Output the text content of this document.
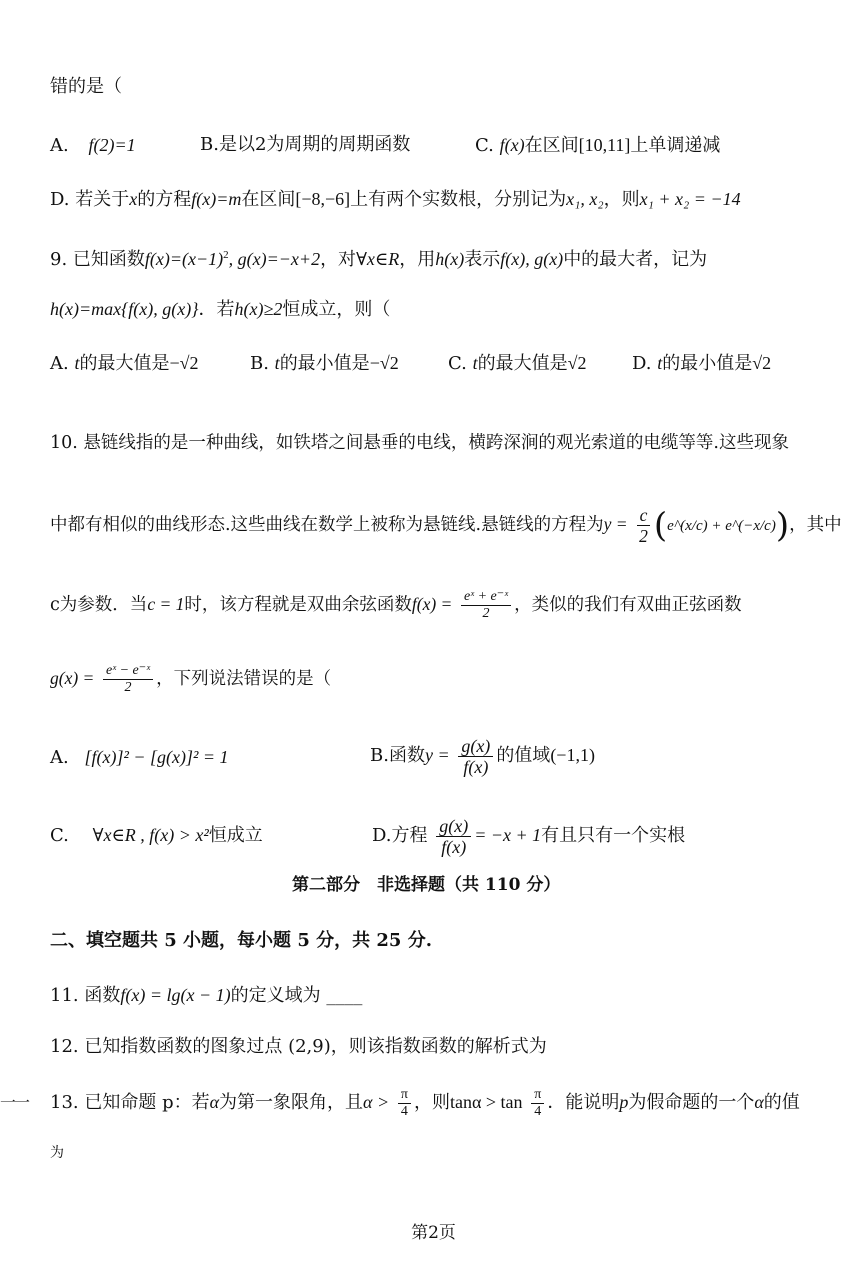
错的是（
A. f(2)=1	B.是以2为周期的周期函数	C. f(x)在区间[10,11]上单调递减
D. 若关于x的方程f(x)=m在区间[−8,−6]上有两个实数根，分别记为x₁, x₂，则x₁ + x₂ = −14
9. 已知函数$f(x)=(x-1)^2$, g(x)=−x+2，对∀x∈R，用h(x)表示f(x), g(x)中的最大者，记为
h(x)=max{f(x), g(x)}．若h(x)≥2恒成立，则（
A. t的最大值是−√2	B. t的最小值是−√2	C. t的最大值是√2	D. t的最小值是√2
10. 悬链线指的是一种曲线，如铁塔之间悬垂的电线，横跨深涧的观光索道的电缆等等.这些现象
中都有相似的曲线形态.这些曲线在数学上被称为悬链线.悬链线的方程为$y = \frac{c}{2}$ (e^(x/c) + e^(−x/c))，其中
c为参数．当c = 1时，该方程就是双曲余弦函数$f(x) = \frac{\text{eˣ + e⁻ˣ}}{2}$ ，类似的我们有双曲正弦函数
$g(x) = \frac{\text{eˣ − e⁻ˣ}}{2}$ ，下列说法错误的是（
A. [f(x)]² − [g(x)]² = 1	B.函数$y = \frac{g(x)}{f(x)}$ 的值域(−1,1)
C. ∀x∈R , f(x) > x²恒成立	D.方程 $\frac{g(x)}{f(x)} = -x + 1$有且只有一个实根
第二部分　非选择题（共 110 分）
二、填空题共 5 小题，每小题 5 分，共 25 分.
11. 函数f(x) = lg(x − 1)的定义域为 ____
12. 已知指数函数的图象过点 (2,9)，则该指数函数的解析式为
一一 13. 已知命题 p：若α为第一象限角，且$\alpha > \frac{\pi}{4}$ ，则$\tan\alpha > \tan \frac{\pi}{4}$ ．能说明p为假命题的一个α的值
为
第2页
